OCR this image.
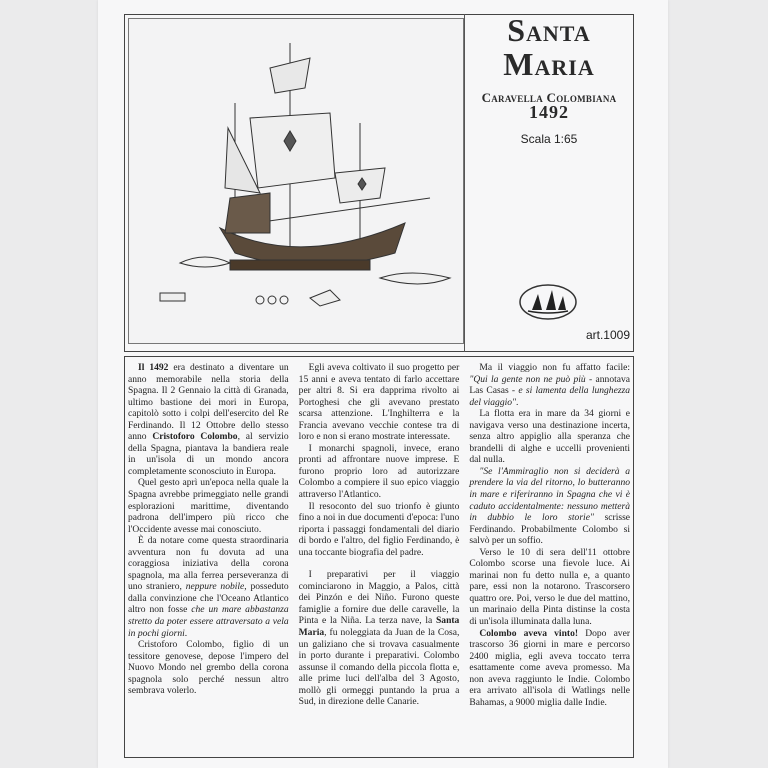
Santa
Maria
Caravella Colombiana
1492
Scala 1:65
art.1009

Il 1492 era destinato a diventare un anno memorabile nella storia della Spagna. Il 2 Gennaio la città di Granada, ultimo bastione dei mori in Europa, capitolò sotto i colpi dell'esercito del Re Ferdinando. Il 12 Ottobre dello stesso anno Cristoforo Colombo, al servizio della Spagna, piantava la bandiera reale in un'isola di un mondo ancora completamente sconosciuto in Europa.

Quel gesto aprì un'epoca nella quale la Spagna avrebbe primeggiato nelle grandi esplorazioni marittime, diventando padrona dell'impero più ricco che l'Occidente avesse mai conosciuto.

È da notare come questa straordinaria avventura non fu dovuta ad una coraggiosa iniziativa della corona spagnola, ma alla ferrea perseveranza di uno straniero, neppure nobile, posseduto dalla convinzione che l'Oceano Atlantico altro non fosse che un mare abbastanza stretto da poter essere attraversato a vela in pochi giorni.

Cristoforo Colombo, figlio di un tessitore genovese, depose l'impero del Nuovo Mondo nel grembo della corona spagnola solo perché nessun altro sembrava volerlo.

Egli aveva coltivato il suo progetto per 15 anni e aveva tentato di farlo accettare per altri 8. Si era dapprima rivolto ai Portoghesi che gli avevano prestato scarsa attenzione. L'Inghilterra e la Francia avevano vecchie contese tra di loro e non si erano mostrate interessate.

I monarchi spagnoli, invece, erano pronti ad affrontare nuove imprese. E furono proprio loro ad autorizzare Colombo a compiere il suo epico viaggio attraverso l'Atlantico.

Il resoconto del suo trionfo è giunto fino a noi in due documenti d'epoca: l'uno riporta i passaggi fondamentali del diario di bordo e l'altro, del figlio Ferdinando, è una toccante biografia del padre.

I preparativi per il viaggio cominciarono in Maggio, a Palos, città dei Pinzón e dei Niño. Furono queste famiglie a fornire due delle caravelle, la Pinta e la Niña. La terza nave, la Santa Maria, fu noleggiata da Juan de la Cosa, un galiziano che si trovava casualmente in porto durante i preparativi. Colombo assunse il comando della piccola flotta e, alle prime luci dell'alba del 3 Agosto, mollò gli ormeggi puntando la prua a Sud, in direzione delle Canarie.

Ma il viaggio non fu affatto facile: "Qui la gente non ne può più - annotava Las Casas - e si lamenta della lunghezza del viaggio".

La flotta era in mare da 34 giorni e navigava verso una destinazione incerta, senza altro appiglio alla speranza che brandelli di alghe e uccelli provenienti dal nulla.

"Se l'Ammiraglio non si deciderà a prendere la via del ritorno, lo butteranno in mare e riferiranno in Spagna che vi è caduto accidentalmente: nessuno metterà in dubbio le loro storie" scrisse Ferdinando. Probabilmente Colombo si salvò per un soffio.

Verso le 10 di sera dell'11 ottobre Colombo scorse una fievole luce. Ai marinai non fu detto nulla e, a quanto pare, essi non la notarono. Trascorsero quattro ore. Poi, verso le due del mattino, un marinaio della Pinta distinse la costa di un'isola illuminata dalla luna.

Colombo aveva vinto! Dopo aver trascorso 36 giorni in mare e percorso 2400 miglia, egli aveva toccato terra esattamente come aveva promesso. Ma non aveva raggiunto le Indie. Colombo era arrivato all'isola di Watlings nelle Bahamas, a 9000 miglia dalle Indie.
